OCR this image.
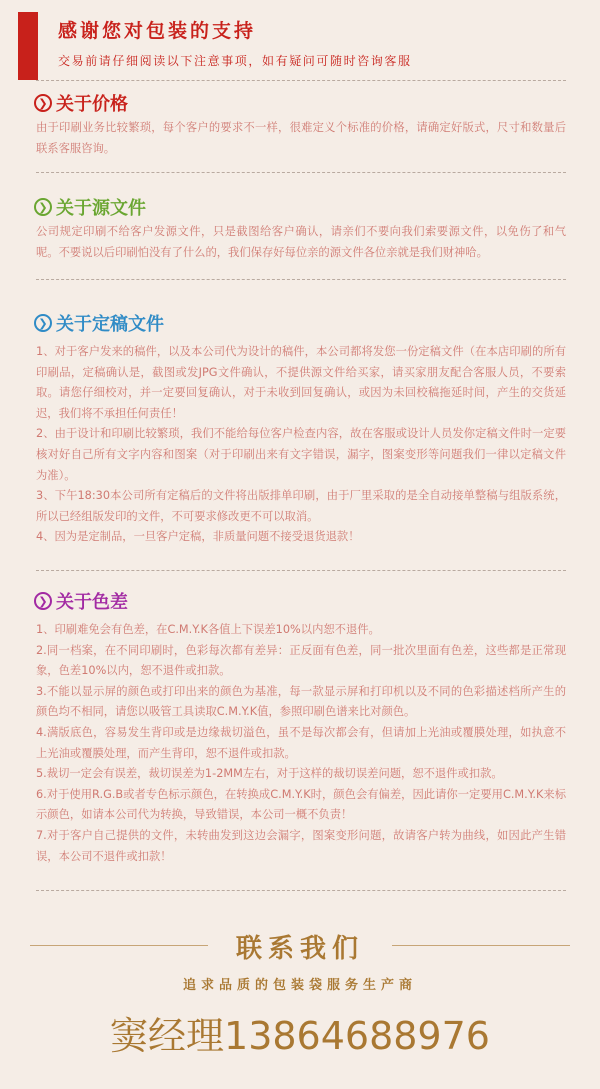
感谢您对包装的支持
交易前请仔细阅读以下注意事项，如有疑问可随时咨询客服
❯ 关于价格

由于印刷业务比较繁琐，每个客户的要求不一样，很难定义个标准的价格，请确定好版式，尺寸和数量后联系客服咨询。

❯ 关于源文件

公司规定印刷不给客户发源文件，只是截图给客户确认，请亲们不要向我们索要源文件，以免伤了和气呢。不要说以后印刷怕没有了什么的，我们保存好每位亲的源文件各位亲就是我们财神哈。

❯ 关于定稿文件

1、对于客户发来的稿件，以及本公司代为设计的稿件，本公司都将发您一份定稿文件（在本店印刷的所有印刷品，定稿确认是，截图或发JPG文件确认，不提供源文件给买家，请买家朋友配合客服人员，不要索取。请您仔细校对，并一定要回复确认，对于未收到回复确认，或因为未回校稿拖延时间，产生的交货延迟，我们将不承担任何责任！

2、由于设计和印刷比较繁琐，我们不能给每位客户检查内容，故在客服或设计人员发你定稿文件时一定要核对好自己所有文字内容和图案（对于印刷出来有文字错误，漏字，图案变形等问题我们一律以定稿文件为准）。

3、下午18:30本公司所有定稿后的文件将出版排单印刷，由于厂里采取的是全自动接单整稿与组版系统，所以已经组版发印的文件，不可要求修改更不可以取消。

4、因为是定制品，一旦客户定稿，非质量问题不接受退货退款！

❯ 关于色差

1、印刷难免会有色差，在C.M.Y.K各值上下误差10%以内恕不退件。

2.同一档案，在不同印刷时，色彩每次都有差异：正反面有色差，同一批次里面有色差，这些都是正常现象，色差10%以内，恕不退件或扣款。

3.不能以显示屏的颜色或打印出来的颜色为基准，每一款显示屏和打印机以及不同的色彩描述档所产生的颜色均不相同，请您以吸管工具读取C.M.Y.K值，参照印刷色谱来比对颜色。

4.满版底色，容易发生背印或是边缘裁切溢色，虽不是每次都会有，但请加上光油或覆膜处理，如执意不上光油或覆膜处理，而产生背印，恕不退件或扣款。

5.裁切一定会有误差，裁切误差为1-2MM左右，对于这样的裁切误差问题，恕不退件或扣款。

6.对于使用R.G.B或者专色标示颜色，在转换成C.M.Y.K时，颜色会有偏差，因此请你一定要用C.M.Y.K来标示颜色，如请本公司代为转换，导致错误，本公司一概不负责！

7.对于客户自己提供的文件，未转曲发到这边会漏字，图案变形问题，故请客户转为曲线，如因此产生错误，本公司不退件或扣款！

联系我们
追求品质的包装袋服务生产商
窦经理13864688976
